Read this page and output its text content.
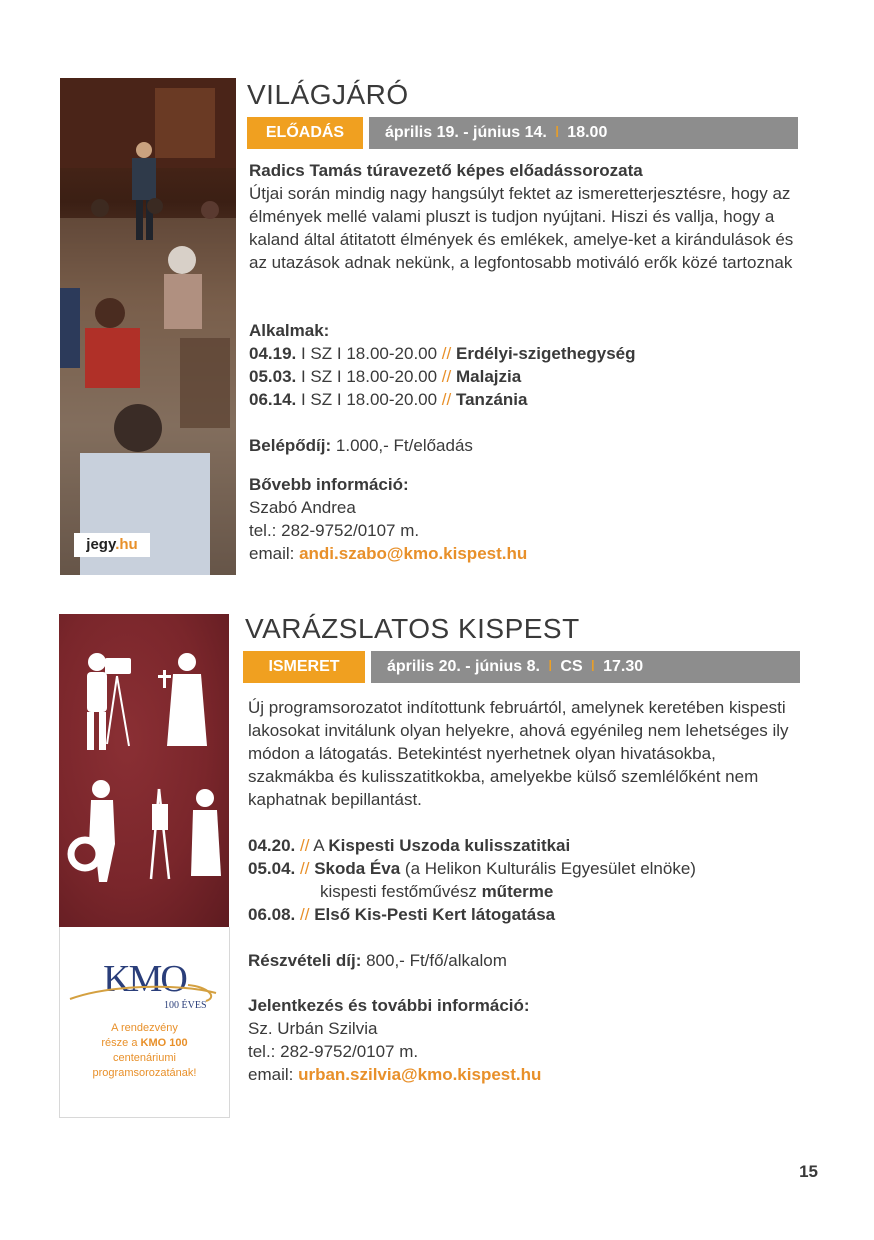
jegy.hu
VILÁGJÁRÓ
ELŐADÁS	április 19. - június 14. I 18.00

Radics Tamás túravezető képes előadássorozata

Útjai során mindig nagy hangsúlyt fektet az ismeretterjesztésre, hogy az élmények mellé valami pluszt is tudjon nyújtani. Hiszi és vallja, hogy a kaland által átitatott élmények és emlékek, amelye-ket a kirándulások és az utazások adnak nekünk, a legfontosabb motiváló erők közé tartoznak

Alkalmak:

04.19. I SZ I 18.00-20.00 // Erdélyi-szigethegység

05.03. I SZ I 18.00-20.00 // Malajzia

06.14. I SZ I 18.00-20.00 // Tanzánia

Belépődíj: 1.000,- Ft/előadás

Bővebb információ:

Szabó Andrea

tel.: 282-9752/0107 m.

email: andi.szabo@kmo.kispest.hu

KMO
100 ÉVES
A rendezvény
része a KMO 100
centenáriumi
programsorozatának!
VARÁZSLATOS KISPEST
ISMERET	április 20. - június 8. I CS I 17.30
Új programsorozatot indítottunk februártól, amelynek keretében kispesti lakosokat invitálunk olyan helyekre, ahová egyénileg nem lehetséges ily módon a látogatás. Betekintést nyerhetnek olyan hivatásokba, szakmákba és kulisszatitkokba, amelyekbe külső szemlélőként nem kaphatnak bepillantást.

04.20. // A Kispesti Uszoda kulisszatitkai

05.04. // Skoda Éva (a Helikon Kulturális Egyesület elnöke)

kispesti festőművész műterme

06.08. // Első Kis-Pesti Kert látogatása

Részvételi díj: 800,- Ft/fő/alkalom

Jelentkezés és további információ:

Sz. Urbán Szilvia

tel.: 282-9752/0107 m.

email: urban.szilvia@kmo.kispest.hu

15
